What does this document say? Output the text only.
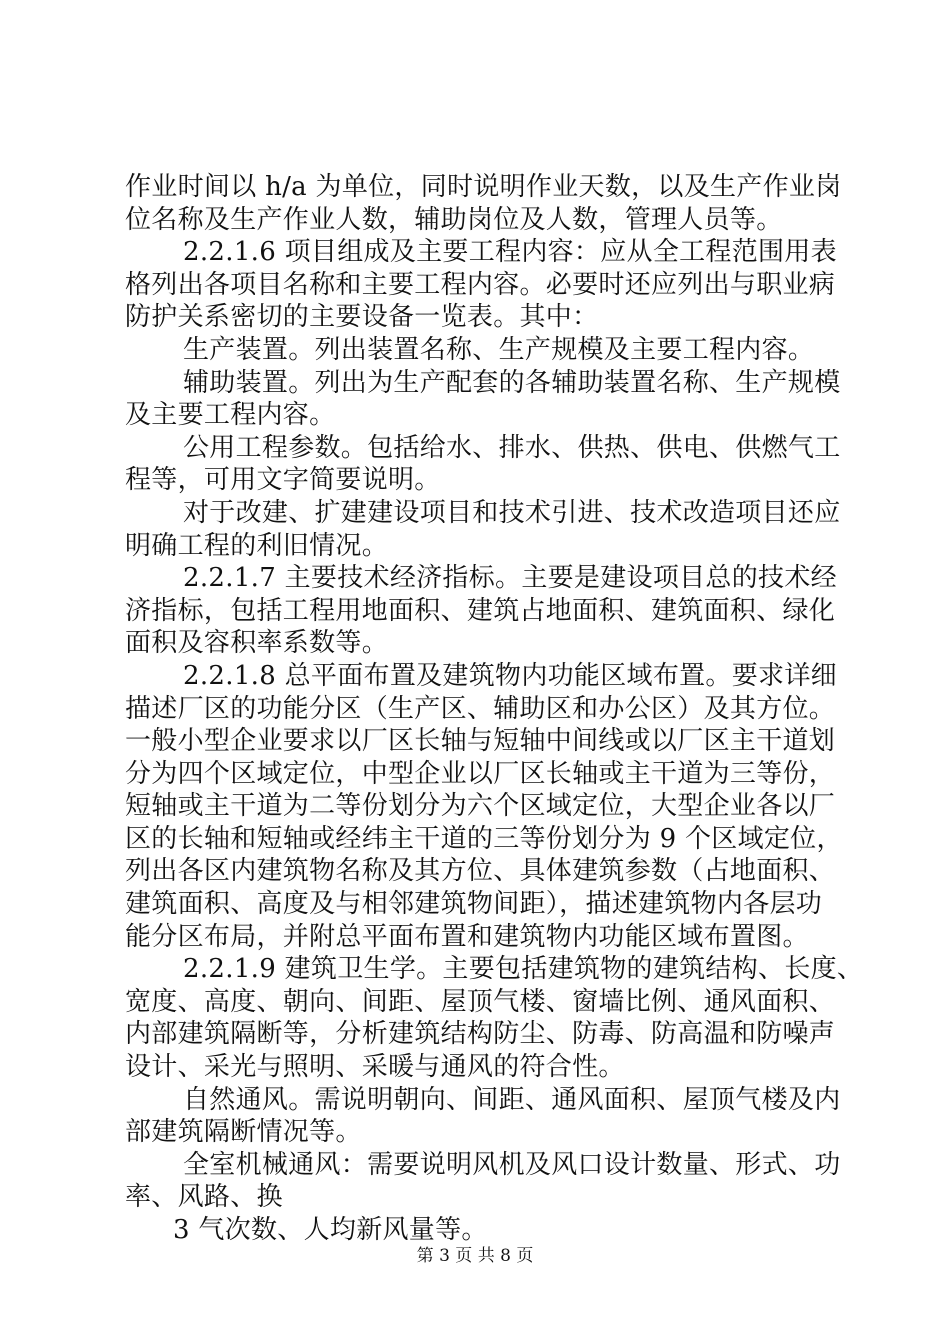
作业时间以 h/a 为单位，同时说明作业天数，以及生产作业岗
位名称及生产作业人数，辅助岗位及人数，管理人员等。
2.2.1.6 项目组成及主要工程内容：应从全工程范围用表
格列出各项目名称和主要工程内容。必要时还应列出与职业病
防护关系密切的主要设备一览表。其中：
生产装置。列出装置名称、生产规模及主要工程内容。
辅助装置。列出为生产配套的各辅助装置名称、生产规模
及主要工程内容。
公用工程参数。包括给水、排水、供热、供电、供燃气工
程等，可用文字简要说明。
对于改建、扩建建设项目和技术引进、技术改造项目还应
明确工程的利旧情况。
2.2.1.7 主要技术经济指标。主要是建设项目总的技术经
济指标，包括工程用地面积、建筑占地面积、建筑面积、绿化
面积及容积率系数等。
2.2.1.8 总平面布置及建筑物内功能区域布置。要求详细
描述厂区的功能分区（生产区、辅助区和办公区）及其方位。
一般小型企业要求以厂区长轴与短轴中间线或以厂区主干道划
分为四个区域定位，中型企业以厂区长轴或主干道为三等份，
短轴或主干道为二等份划分为六个区域定位，大型企业各以厂
区的长轴和短轴或经纬主干道的三等份划分为 9 个区域定位，
列出各区内建筑物名称及其方位、具体建筑参数（占地面积、
建筑面积、高度及与相邻建筑物间距），描述建筑物内各层功
能分区布局，并附总平面布置和建筑物内功能区域布置图。
2.2.1.9 建筑卫生学。主要包括建筑物的建筑结构、长度、
宽度、高度、朝向、间距、屋顶气楼、窗墙比例、通风面积、
内部建筑隔断等，分析建筑结构防尘、防毒、防高温和防噪声
设计、采光与照明、采暖与通风的符合性。
自然通风。需说明朝向、间距、通风面积、屋顶气楼及内
部建筑隔断情况等。
全室机械通风：需要说明风机及风口设计数量、形式、功
率、风路、换
3 气次数、人均新风量等。
第 3 页 共 8 页
